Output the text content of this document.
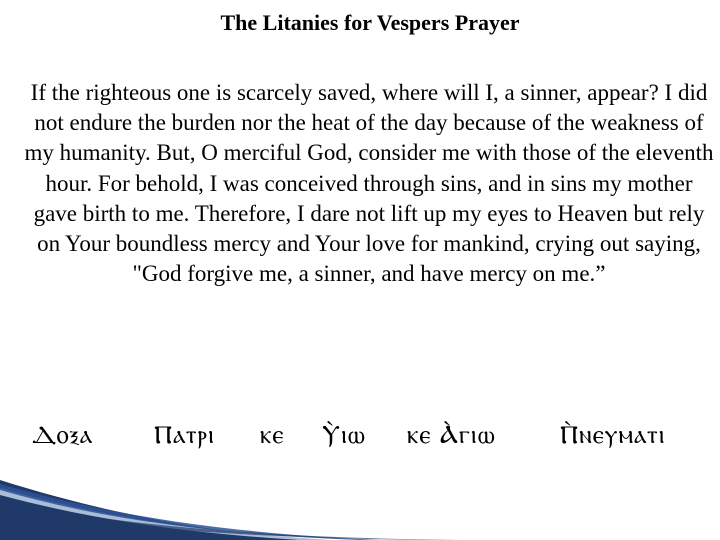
The Litanies for Vespers Prayer

If the righteous one is scarcely saved, where will I, a sinner, appear? I did not endure the burden nor the heat of the day because of the weakness of my humanity. But, O merciful God, consider me with those of the eleventh hour. For behold, I was conceived through sins, and in sins my mother gave birth to me. Therefore, I dare not lift up my eyes to Heaven but rely on Your boundless mercy and Your love for mankind, crying out saying, "God forgive me, a sinner, and have mercy on me.”

Ⲇⲟⲝⲁ Ⲡⲁⲧⲣⲓ ⲕⲉ Ⲩ̀ⲓⲱ ⲕⲉ Ⲁ̀ⲅⲓⲱ	Ⲡ̀ⲛⲉⲩⲙⲁⲧⲓ
